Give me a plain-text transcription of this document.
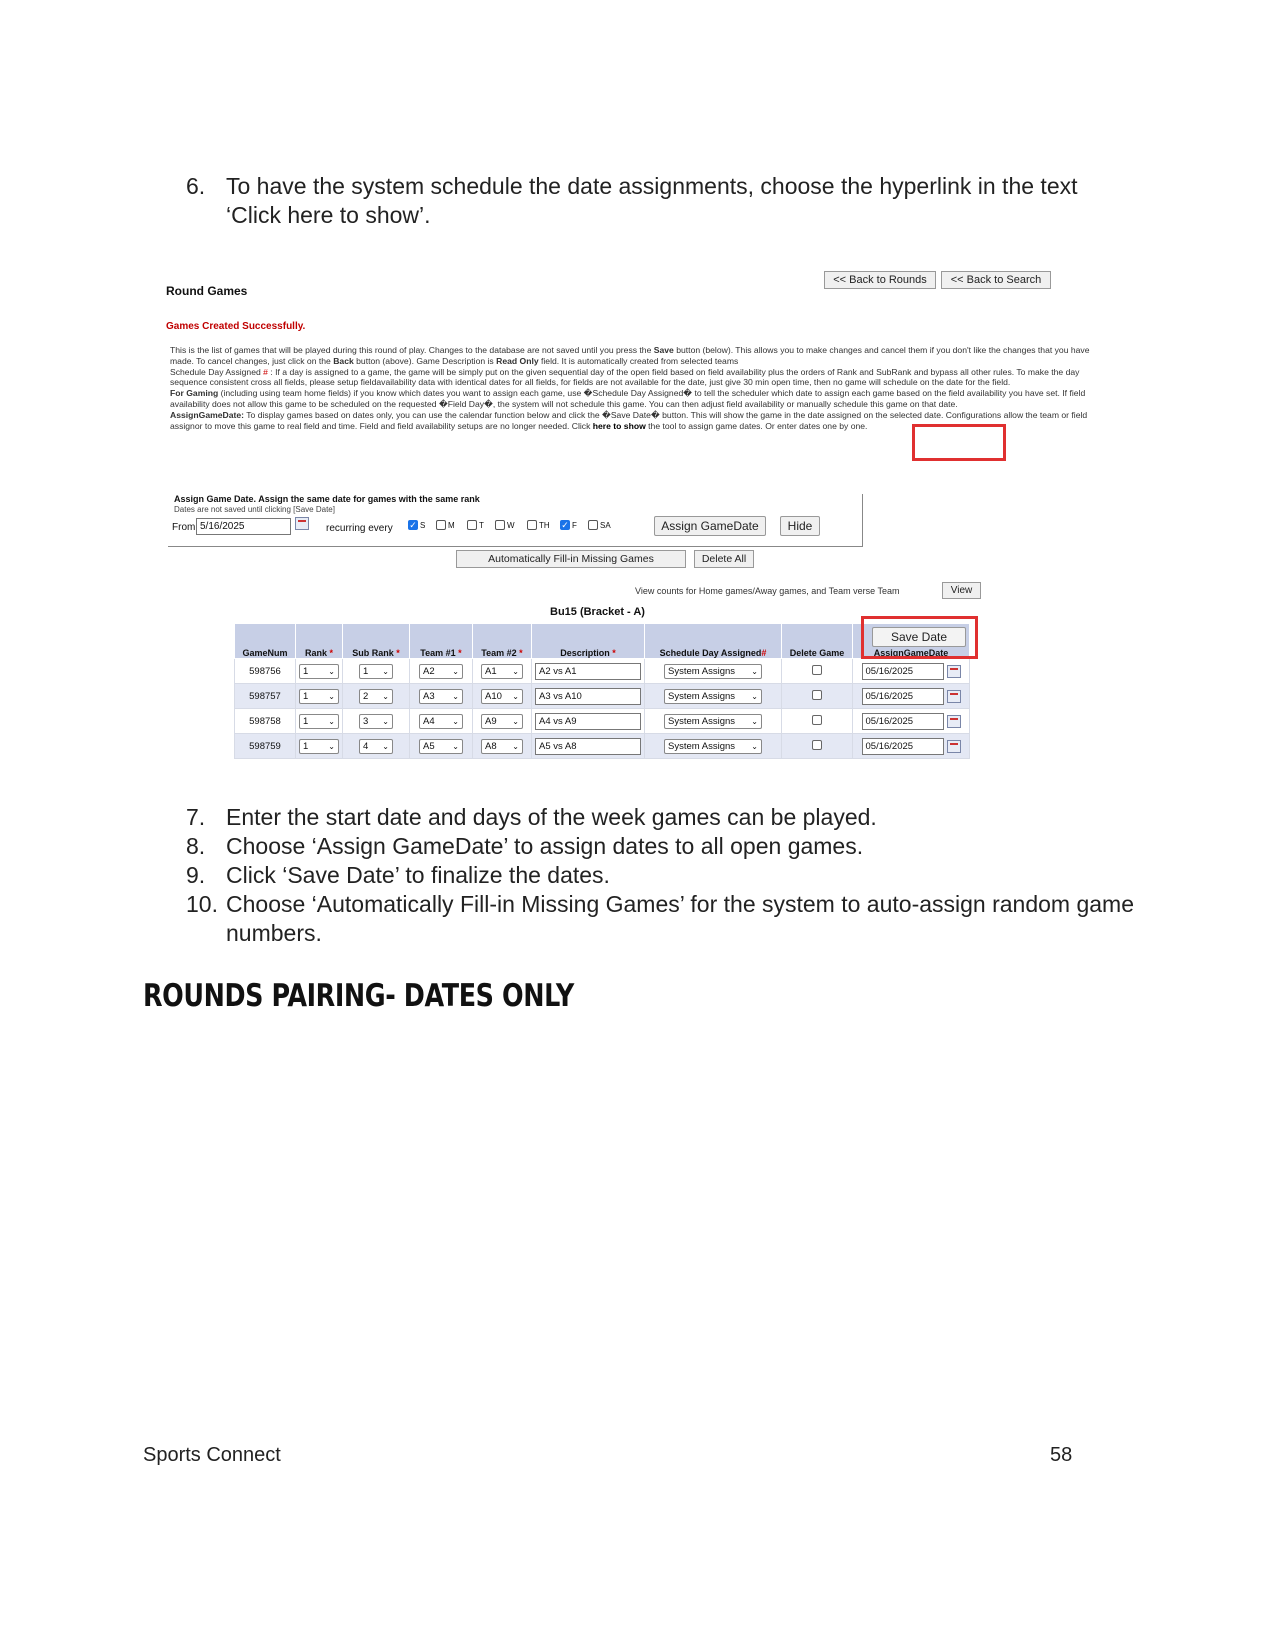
6. To have the system schedule the date assignments, choose the hyperlink in the text ‘Click here to show’.
Round Games
<< Back to Rounds	<< Back to Search
Games Created Successfully.

This is the list of games that will be played during this round of play. Changes to the database are not saved until you press the Save button (below). This allows you to make changes and cancel them if you don't like the changes that you have made. To cancel changes, just click on the Back button (above). Game Description is Read Only field. It is automatically created from selected teams

Schedule Day Assigned # : If a day is assigned to a game, the game will be simply put on the given sequential day of the open field based on field availability plus the orders of Rank and SubRank and bypass all other rules. To make the day sequence consistent cross all fields, please setup fieldavailability data with identical dates for all fields, for fields are not available for the date, just give 30 min open time, then no game will schedule on the date for the field.

For Gaming (including using team home fields) if you know which dates you want to assign each game, use �Schedule Day Assigned� to tell the scheduler which date to assign each game based on the field availability you have set. If field availability does not allow this game to be scheduled on the requested �Field Day�, the system will not schedule this game. You can then adjust field availability or manually schedule this game on that date.

AssignGameDate: To display games based on dates only, you can use the calendar function below and click the �Save Date� button. This will show the game in the date assigned on the selected date. Configurations allow the team or field assignor to move this game to real field and time. Field and field availability setups are no longer needed. Click here to show the tool to assign game dates. Or enter dates one by one.

Assign Game Date. Assign the same date for games with the same rank
Dates are not saved until clicking [Save Date]
From 5/16/2025	recurring every ✓ S	M	T	W	TH ✓ F	SA	Assign GameDate	Hide
Automatically Fill-in Missing Games	Delete All
View counts for Home games/Away games, and Team verse Team	View
Bu15 (Bracket - A)
GameNum	Rank *	Sub Rank *	Team #1 *	Team #2 *	Description *	Schedule Day Assigned#	Delete Game	AssignGameDate

598756	1 ⌄	1 ⌄	A2 ⌄	A1 ⌄	A2 vs A1	System Assigns ⌄		05/16/2025

598757	1 ⌄	2 ⌄	A3 ⌄	A10 ⌄	A3 vs A10	System Assigns ⌄		05/16/2025

598758	1 ⌄	3 ⌄	A4 ⌄	A9 ⌄	A4 vs A9	System Assigns ⌄		05/16/2025

598759	1 ⌄	4 ⌄	A5 ⌄	A8 ⌄	A5 vs A8	System Assigns ⌄		05/16/2025
Save Date
7. Enter the start date and days of the week games can be played.
8. Choose ‘Assign GameDate’ to assign dates to all open games.
9. Click ‘Save Date’ to finalize the dates.
10. Choose ‘Automatically Fill-in Missing Games’ for the system to auto-assign random game numbers.
ROUNDS PAIRING- DATES ONLY
Sports Connect	58
